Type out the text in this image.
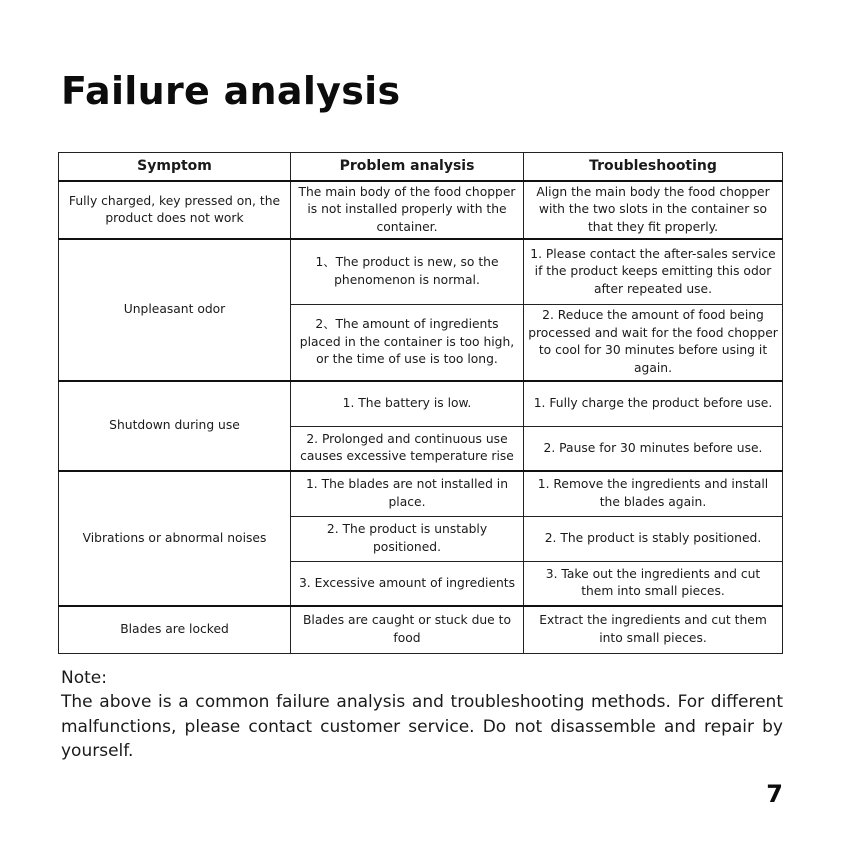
Failure analysis
Symptom	Problem analysis	Troubleshooting
Fully charged, key pressed on, the product does not work	The main body of the food chopper is not installed properly with the container.	Align the main body the food chopper with the two slots in the container so that they fit properly.
Unpleasant odor	1、The product is new, so the phenomenon is normal.	1. Please contact the after-sales service if the product keeps emitting this odor after repeated use.
	2、The amount of ingredients placed in the container is too high, or the time of use is too long.	2. Reduce the amount of food being processed and wait for the food chopper to cool for 30 minutes before using it again.
Shutdown during use	1. The battery is low.	1. Fully charge the product before use.
	2. Prolonged and continuous use causes excessive temperature rise	2. Pause for 30 minutes before use.
Vibrations or abnormal noises	1. The blades are not installed in place.	1. Remove the ingredients and install the blades again.
	2. The product is unstably positioned.	2. The product is stably positioned.
	3. Excessive amount of ingredients	3. Take out the ingredients and cut them into small pieces.
Blades are locked	Blades are caught or stuck due to food	Extract the ingredients and cut them into small pieces.
Note:
The above is a common failure analysis and troubleshooting methods. For different malfunctions, please contact customer service. Do not disassemble and repair by yourself.
7
